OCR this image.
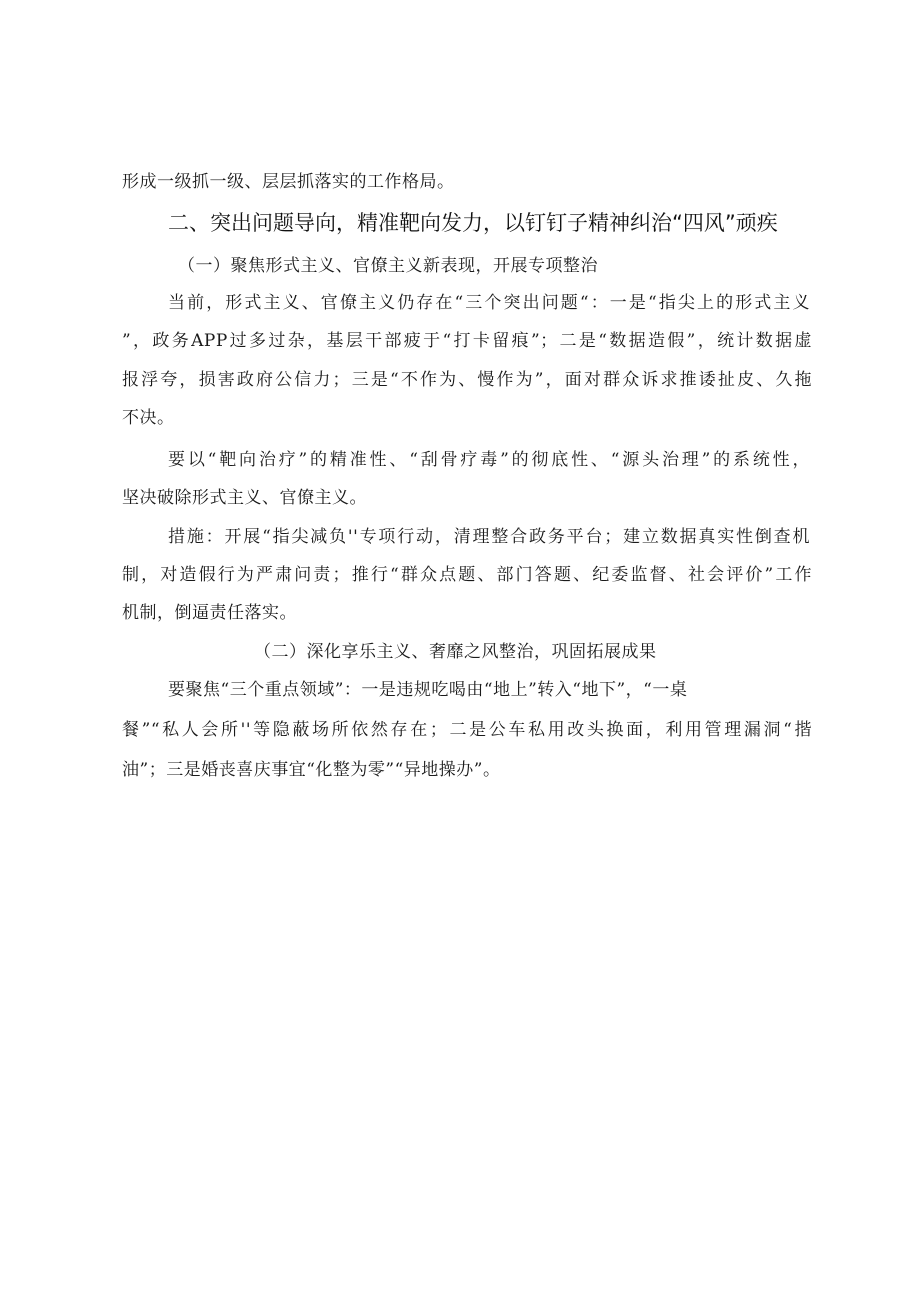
形成一级抓一级、层层抓落实的工作格局。
二、突出问题导向，精准靶向发力，以钉钉子精神纠治“四风”顽疾
（一）聚焦形式主义、官僚主义新表现，开展专项整治
当前，形式主义、官僚主义仍存在“三个突出问题“：一是“指尖上的形式主义
”，政务APP过多过杂，基层干部疲于“打卡留痕”；二是“数据造假”，统计数据虚
报浮夸，损害政府公信力；三是“不作为、慢作为”，面对群众诉求推诿扯皮、久拖
不决。
要以“靶向治疗”的精准性、“刮骨疗毒”的彻底性、“源头治理”的系统性，
坚决破除形式主义、官僚主义。
措施：开展“指尖减负''专项行动，清理整合政务平台；建立数据真实性倒查机
制，对造假行为严肃问责；推行“群众点题、部门答题、纪委监督、社会评价”工作
机制，倒逼责任落实。
（二）深化享乐主义、奢靡之风整治，巩固拓展成果
要聚焦“三个重点领域”：一是违规吃喝由“地上”转入“地下”，“一桌
餐”“私人会所''等隐蔽场所依然存在；二是公车私用改头换面，利用管理漏洞“揩
油”；三是婚丧喜庆事宜“化整为零”“异地操办”。
